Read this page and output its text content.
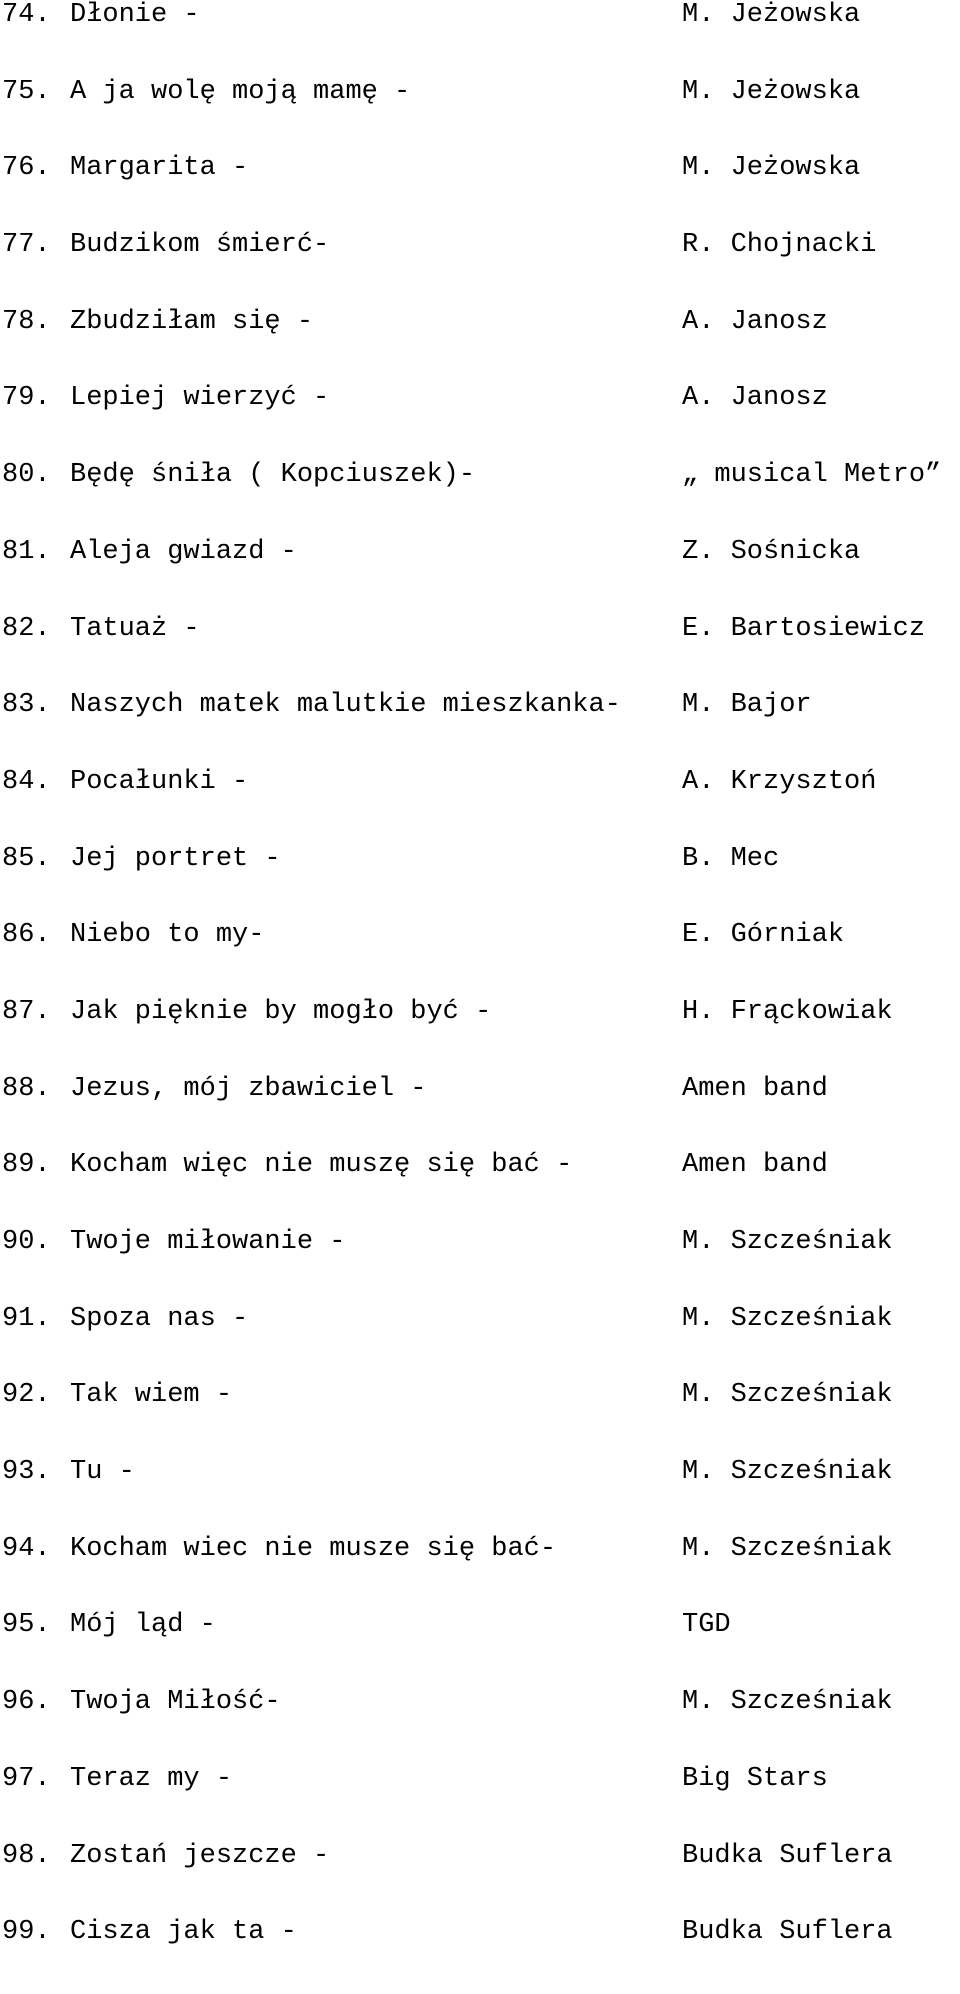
74. Dłonie -	M. Jeżowska
75. A ja wolę moją mamę -	M. Jeżowska
76. Margarita -	M. Jeżowska
77. Budzikom śmierć-	R. Chojnacki
78. Zbudziłam się -	A. Janosz
79. Lepiej wierzyć -	A. Janosz
80. Będę śniła ( Kopciuszek)-	„ musical Metro”
81. Aleja gwiazd -	Z. Sośnicka
82. Tatuaż -	E. Bartosiewicz
83. Naszych matek malutkie mieszkanka- M. Bajor
84. Pocałunki -	A. Krzysztoń
85. Jej portret -	B. Mec
86. Niebo to my-	E. Górniak
87. Jak pięknie by mogło być -	H. Frąckowiak
88. Jezus, mój zbawiciel -	Amen band
89. Kocham więc nie muszę się bać -	Amen band
90. Twoje miłowanie -	M. Szcześniak
91. Spoza nas -	M. Szcześniak
92. Tak wiem -	M. Szcześniak
93. Tu -	M. Szcześniak
94. Kocham wiec nie musze się bać-	M. Szcześniak
95. Mój ląd -	TGD
96. Twoja Miłość-	M. Szcześniak
97. Teraz my -	Big Stars
98. Zostań jeszcze -	Budka Suflera
99. Cisza jak ta -	Budka Suflera
